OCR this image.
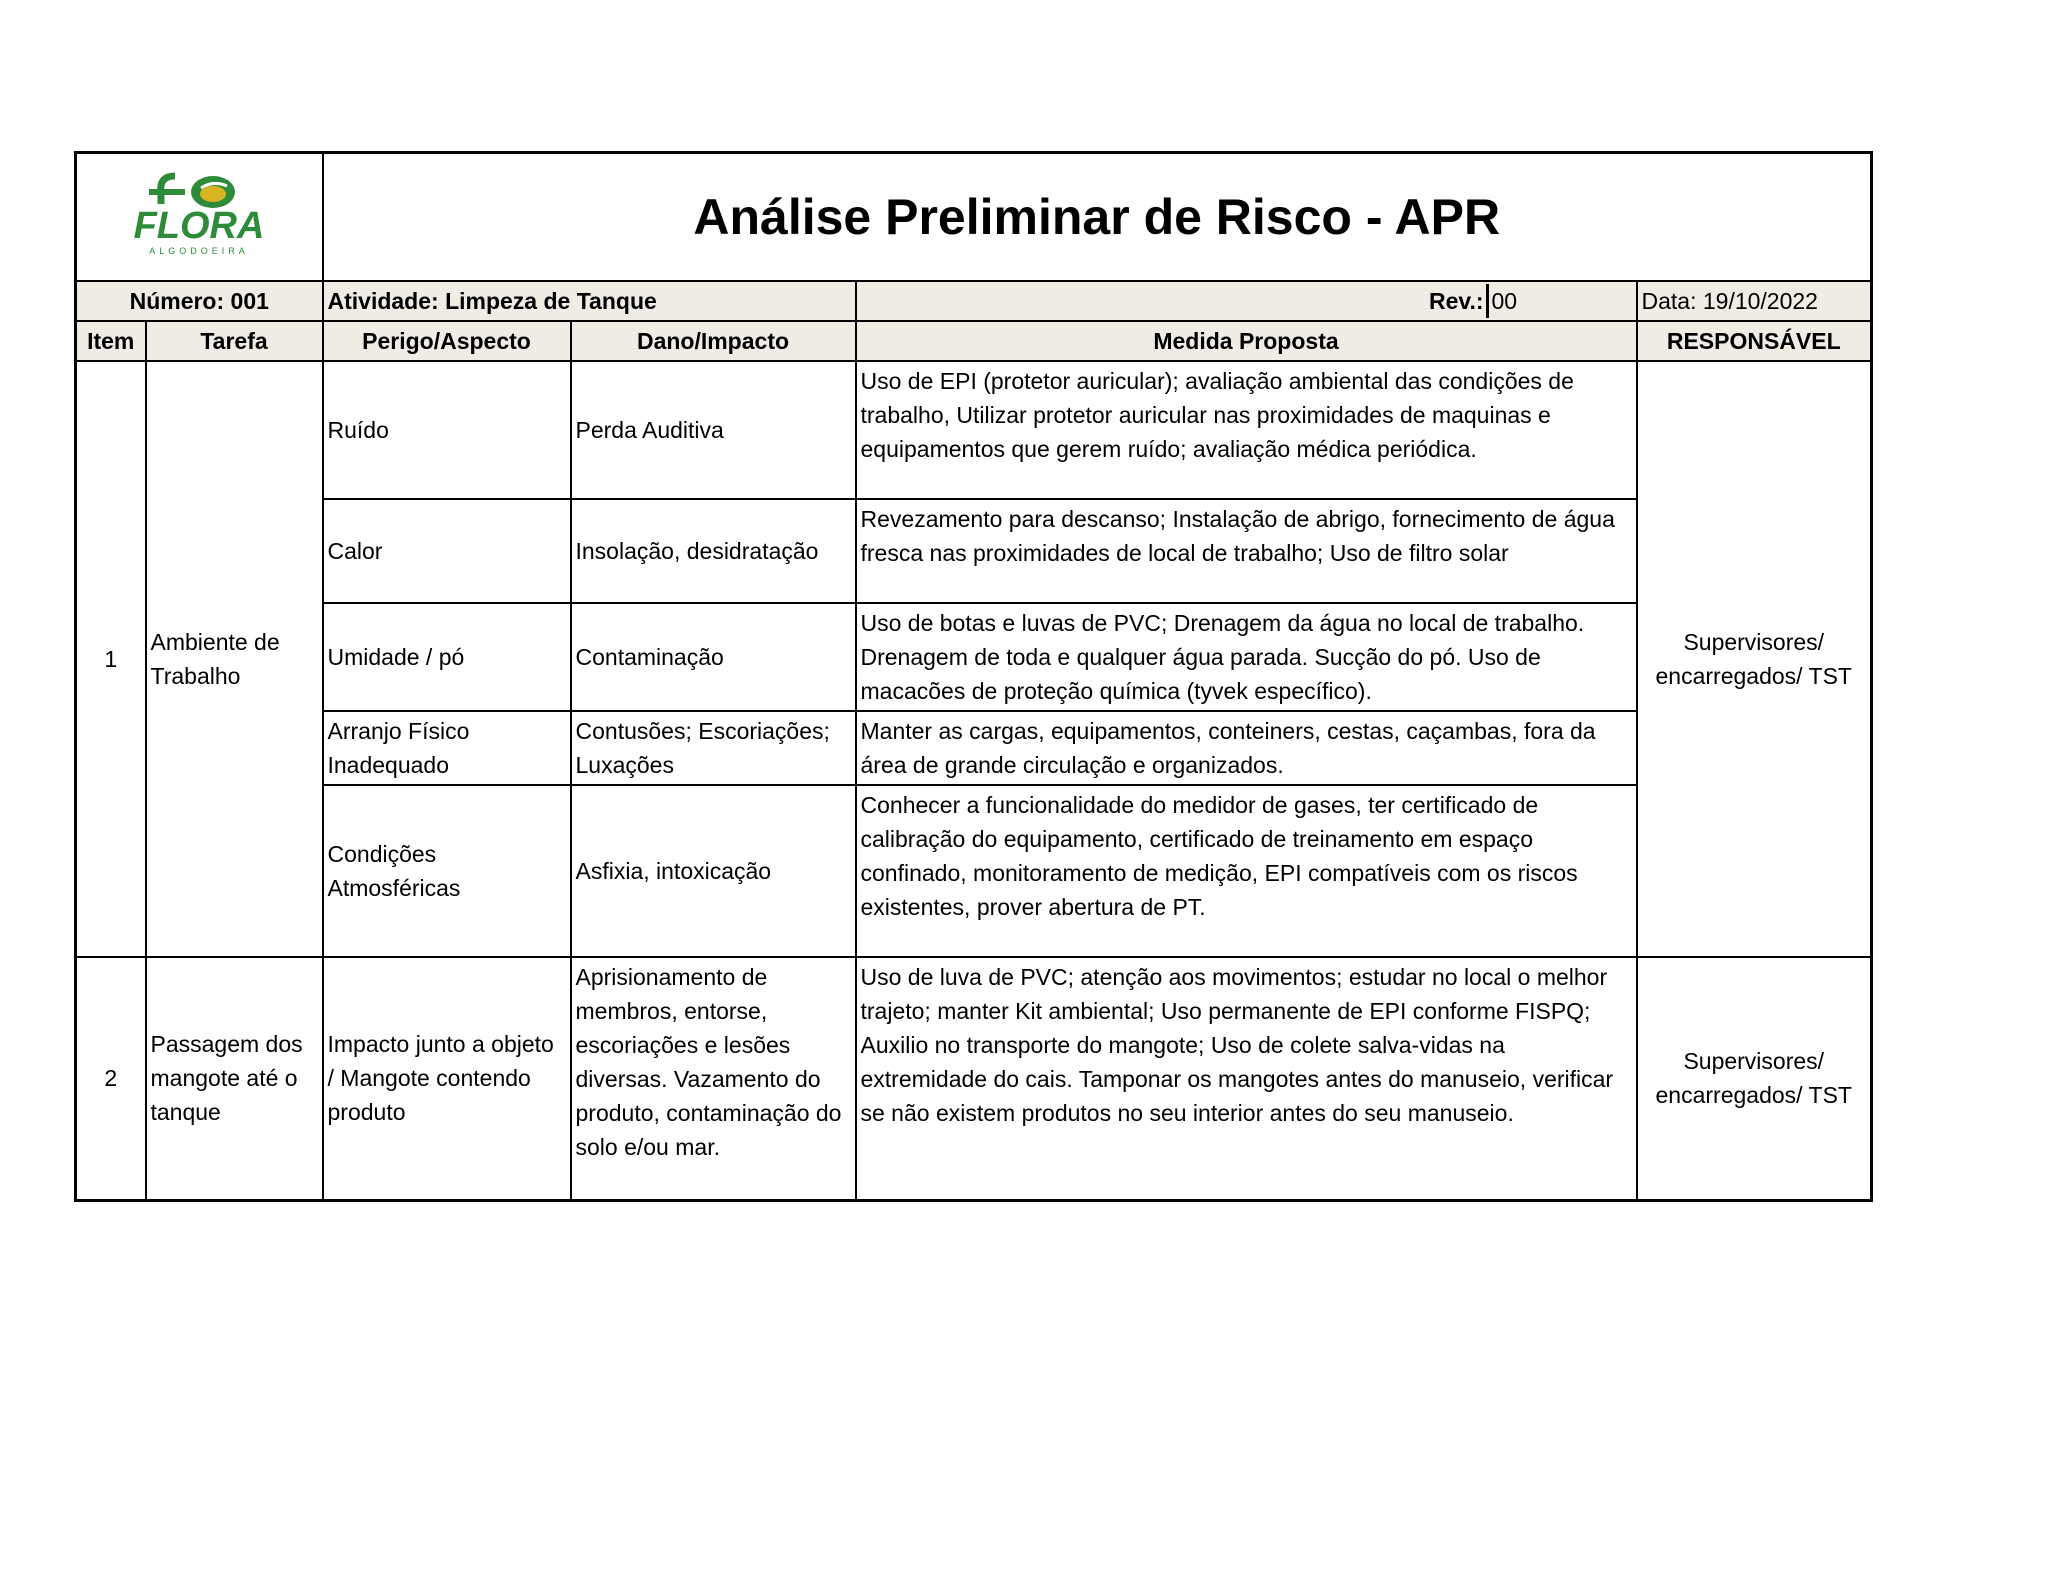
FLORA
ALGODOEIRA		Análise Preliminar de Risco - APR			
Número: 001		Atividade: Limpeza de Tanque		Rev.: 00	Data: 19/10/2022
Item	Tarefa	Perigo/Aspecto	Dano/Impacto	Medida Proposta	RESPONSÁVEL
1	Ambiente de Trabalho	Ruído	Perda Auditiva	Uso de EPI (protetor auricular); avaliação ambiental das condições de trabalho, Utilizar protetor auricular nas proximidades de maquinas e equipamentos que gerem ruído; avaliação médica periódica.	Supervisores/ encarregados/ TST
		Calor	Insolação, desidratação	Revezamento para descanso; Instalação de abrigo, fornecimento de água fresca nas proximidades de local de trabalho; Uso de filtro solar	
		Umidade / pó	Contaminação	Uso de botas e luvas de PVC; Drenagem da água no local de trabalho. Drenagem de toda e qualquer água parada. Sucção do pó. Uso de macacões de proteção química (tyvek específico).	
		Arranjo Físico Inadequado	Contusões; Escoriações; Luxações	Manter as cargas, equipamentos, conteiners, cestas, caçambas, fora da área de grande circulação e organizados.	
		Condições Atmosféricas	Asfixia, intoxicação	Conhecer a funcionalidade do medidor de gases, ter certificado de calibração do equipamento, certificado de treinamento em espaço confinado, monitoramento de medição, EPI compatíveis com os riscos existentes, prover abertura de PT.	
2	Passagem dos mangote até o tanque	Impacto junto a objeto / Mangote contendo produto	Aprisionamento de membros, entorse, escoriações e lesões diversas. Vazamento do produto, contaminação do solo e/ou mar.	Uso de luva de PVC; atenção aos movimentos; estudar no local o melhor trajeto; manter Kit ambiental; Uso permanente de EPI conforme FISPQ; Auxilio no transporte do mangote; Uso de colete salva-vidas na extremidade do cais. Tamponar os mangotes antes do manuseio, verificar se não existem produtos no seu interior antes do seu manuseio.	Supervisores/ encarregados/ TST
